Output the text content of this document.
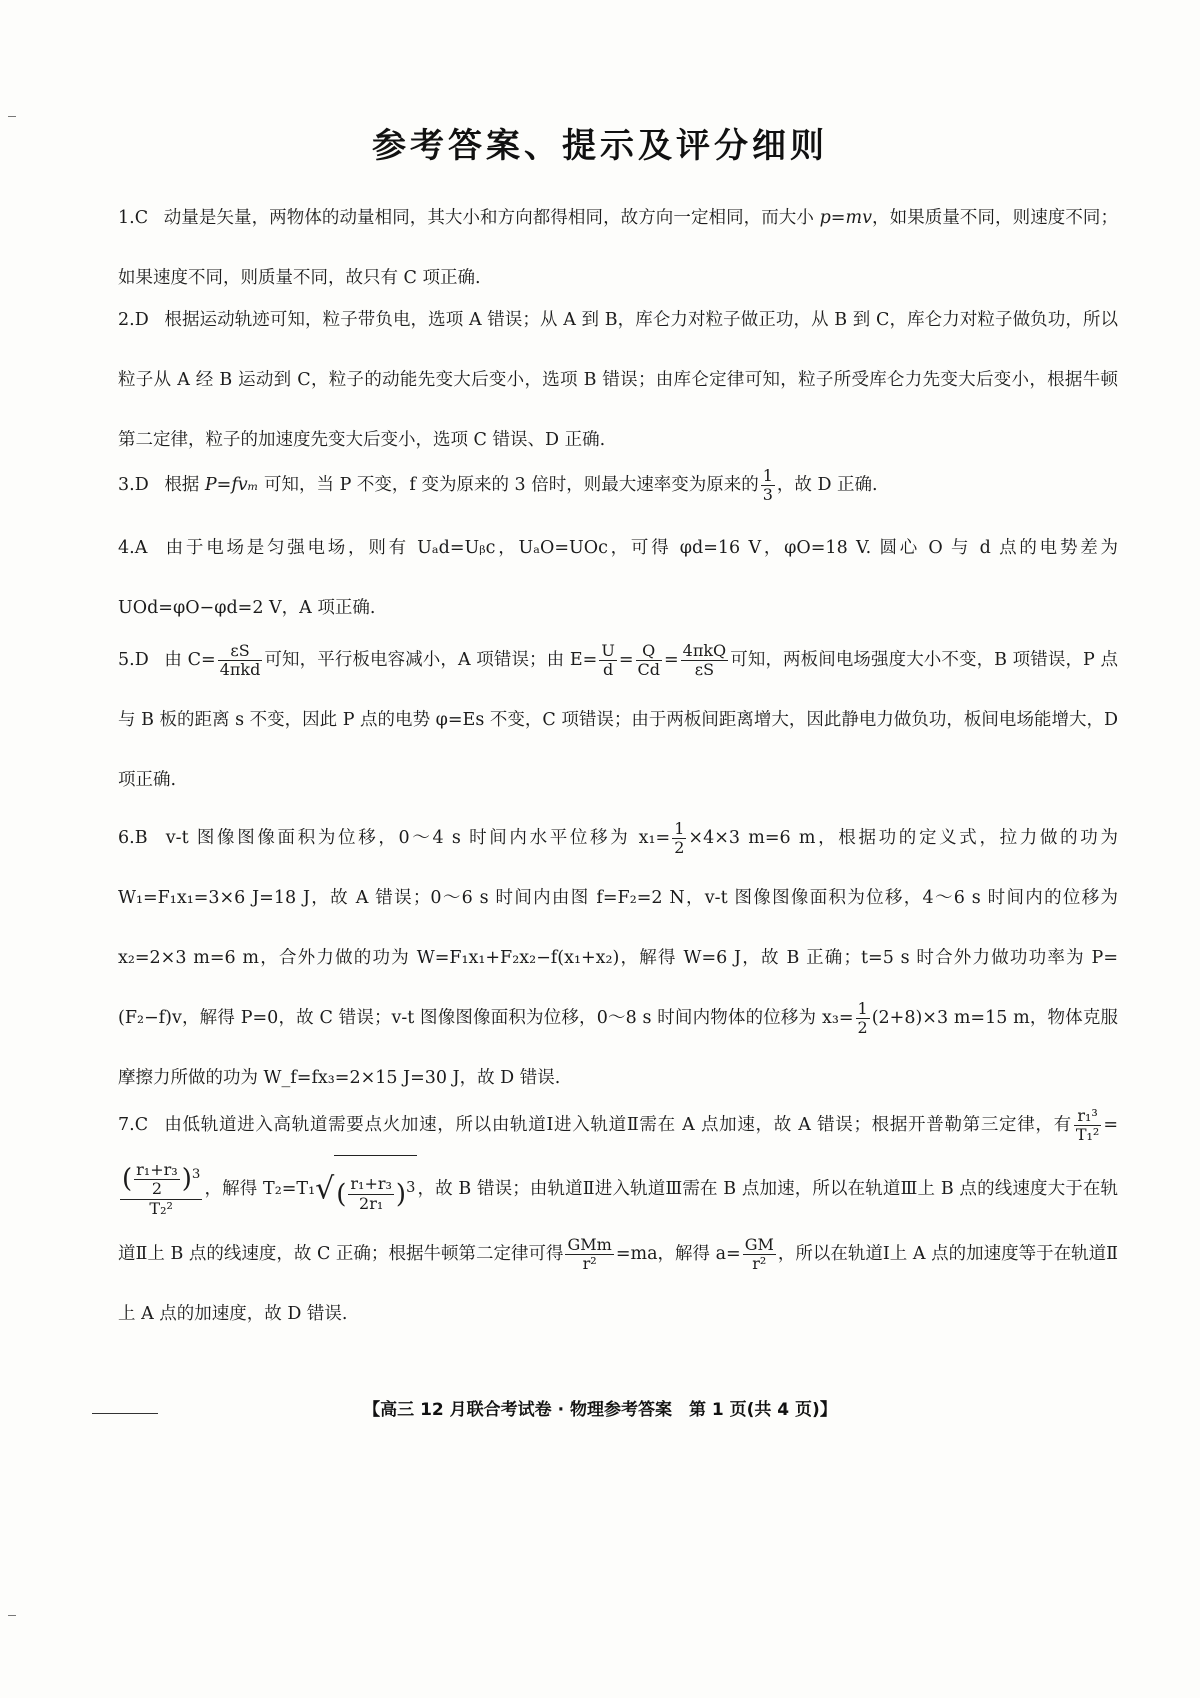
参考答案、提示及评分细则
1.C 动量是矢量，两物体的动量相同，其大小和方向都得相同，故方向一定相同，而大小 p=mv，如果质量不同，则速度不同；如果速度不同，则质量不同，故只有 C 项正确.
2.D 根据运动轨迹可知，粒子带负电，选项 A 错误；从 A 到 B，库仑力对粒子做正功，从 B 到 C，库仑力对粒子做负功，所以粒子从 A 经 B 运动到 C，粒子的动能先变大后变小，选项 B 错误；由库仑定律可知，粒子所受库仑力先变大后变小，根据牛顿第二定律，粒子的加速度先变大后变小，选项 C 错误、D 正确.
3.D 根据 P=fvₘ 可知，当 P 不变，f 变为原来的 3 倍时，则最大速率变为原来的 $\frac{1}{3}$ ，故 D 正确.
4.A 由于电场是匀强电场，则有 Uₐd=Uᵦc，UₐO=UOc，可得 φd=16 V，φO=18 V. 圆心 O 与 d 点的电势差为 UOd=φO−φd=2 V，A 项正确.
5.D 由 $C= \frac{\varepsilon S}{\text{4πkd}}$ 可知，平行板电容减小，A 项错误；由 $E= \frac{U}{d} = \frac{Q}{Cd} = \frac{\text{4πkQ}}{\varepsilon S}$ 可知，两板间电场强度大小不变，B 项错误，P 点与 B 板的距离 s 不变，因此 P 点的电势 φ=Es 不变，C 项错误；由于两板间距离增大，因此静电力做负功，板间电场能增大，D 项正确.
6.B v-t 图像图像面积为位移，0～4 s 时间内水平位移为 $x_1= \frac{1}{2} \times 4\times 3$ m=6 m，根据功的定义式，拉力做的功为 W₁=F₁x₁=3×6 J=18 J，故 A 错误；0～6 s 时间内由图 f=F₂=2 N，v-t 图像图像面积为位移，4～6 s 时间内的位移为 x₂=2×3 m=6 m，合外力做的功为 W=F₁x₁+F₂x₂−f(x₁+x₂)，解得 W=6 J，故 B 正确；t=5 s 时合外力做功功率为 P=(F₂−f)v，解得 P=0，故 C 错误；v-t 图像图像面积为位移，0～8 s 时间内物体的位移为 $x_3= \frac{1}{2} (2+8)\times 3$ m=15 m，物体克服摩擦力所做的功为 W_f=fx₃=2×15 J=30 J，故 D 错误.
7.C 由低轨道进入高轨道需要点火加速，所以由轨道Ⅰ进入轨道Ⅱ需在 A 点加速，故 A 错误；根据开普勒第三定律，有 $\frac{\text{r₁³}}{\text{T₁²}}$ =
$\frac{( \frac{\text{r₁+r₃}}{2} )^3}{\text{T₂²}}$ ，解得 $T_2=T_1√( \frac{\text{r₁+r₃}}{\text{2r₁}} )^3$ ，故 B 错误；由轨道Ⅱ进入轨道Ⅲ需在 B 点加速，所以在轨道Ⅲ上 B 点的线速度大于在轨道Ⅱ上 B 点的线速度，故 C 正确；根据牛顿第二定律可得 $\frac{\text{GMm}}{\text{r²}} =ma$，解得 $a= \frac{GM}{\text{r²}}$ ，所以在轨道Ⅰ上 A 点的加速度等于在轨道Ⅱ上 A 点的加速度，故 D 错误.
【高三 12 月联合考试卷 · 物理参考答案　第 1 页(共 4 页)】
